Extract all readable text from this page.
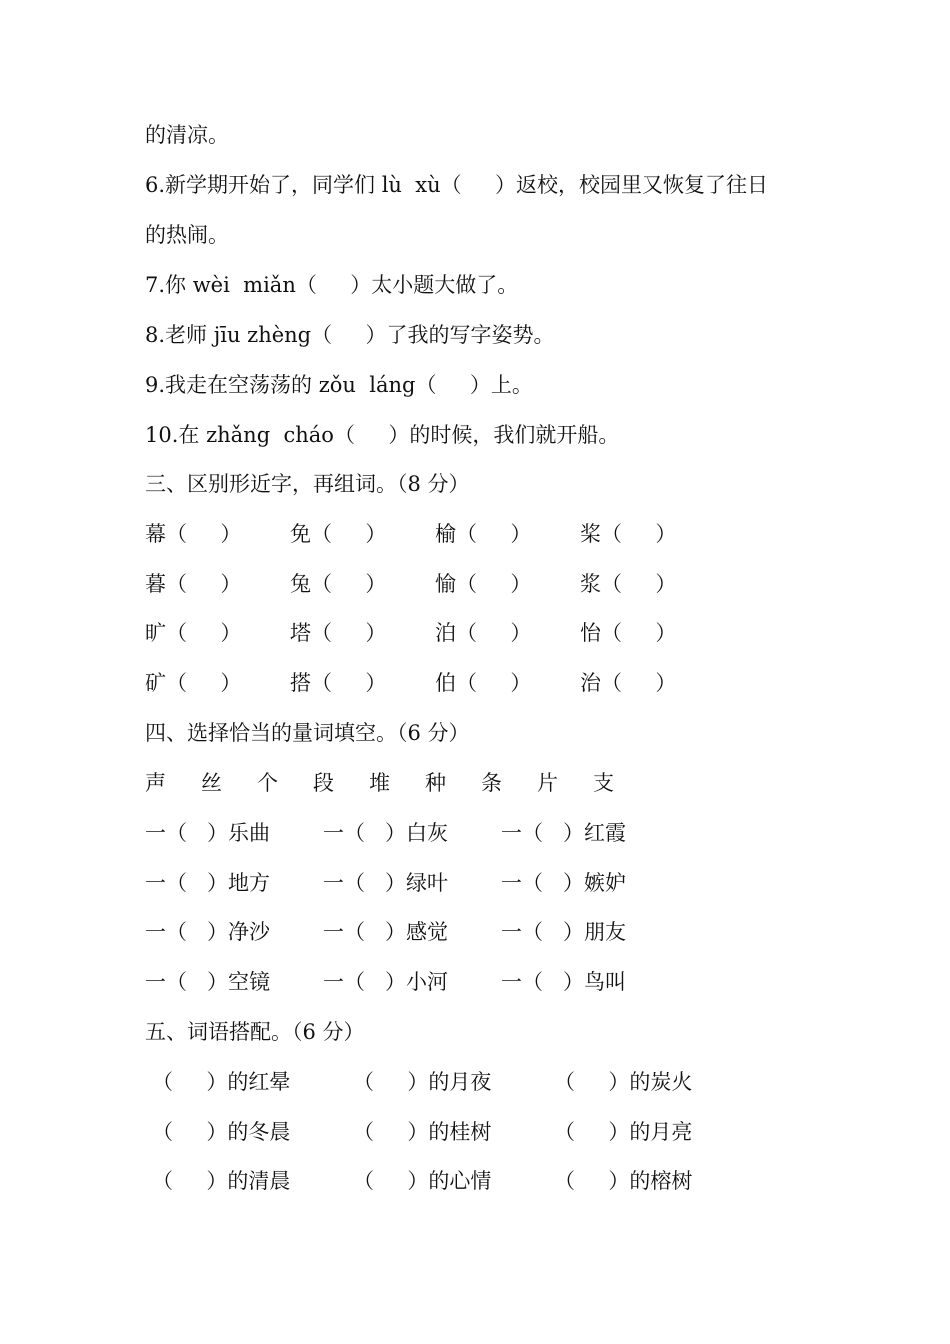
的清凉。
6.新学期开始了，同学们 lù  xù（     ）返校，校园里又恢复了往日
的热闹。
7.你 wèi  miǎn（     ）太小题大做了。
8.老师 jīu zhèng（     ）了我的写字姿势。
9.我走在空荡荡的 zǒu  láng（     ）上。
10.在 zhǎng  cháo（     ）的时候，我们就开船。
三、区别形近字，再组词。（8 分）
幕（     ） 免（     ） 榆（     ） 桨（     ）
暮（     ） 兔（     ） 愉（     ） 浆（     ）
旷（     ） 塔（     ） 泊（     ） 怡（     ）
矿（     ） 搭（     ） 伯（     ） 治（     ）
四、选择恰当的量词填空。（6 分）
声 丝 个 段 堆 种 条 片 支
一（   ）乐曲	一（   ）白灰	一（   ）红霞
一（   ）地方	一（   ）绿叶	一（   ）嫉妒
一（   ）净沙	一（   ）感觉	一（   ）朋友
一（   ）空镜	一（   ）小河	一（   ）鸟叫
五、词语搭配。（6 分）
（     ）的红晕	（     ）的月夜	（     ）的炭火
（     ）的冬晨	（     ）的桂树	（     ）的月亮
（     ）的清晨	（     ）的心情	（     ）的榕树
